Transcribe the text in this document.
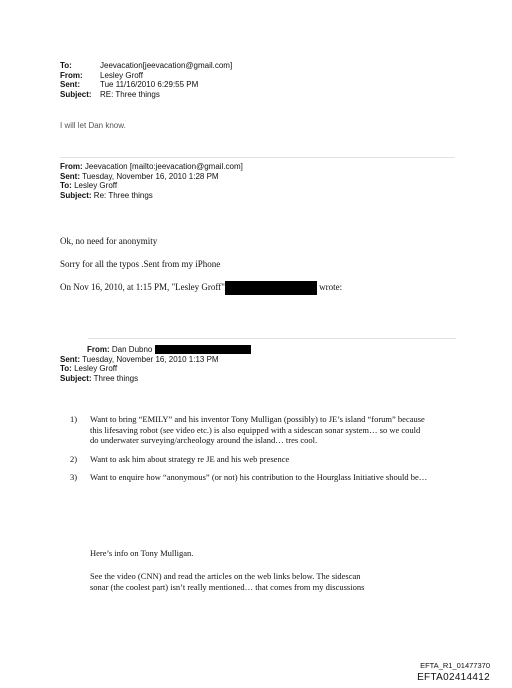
To:	Jeevacation[jeevacation@gmail.com]
From:	Lesley Groff
Sent:	Tue 11/16/2010 6:29:55 PM
Subject:	RE: Three things
I will let Dan know.
From: Jeevacation [mailto:jeevacation@gmail.com]
Sent: Tuesday, November 16, 2010 1:28 PM
To: Lesley Groff
Subject: Re: Three things
Ok, no need for anonymity
Sorry for all the typos .Sent from my iPhone
On Nov 16, 2010, at 1:15 PM, "Lesley Groff"	wrote:
From: Dan Dubno
Sent: Tuesday, November 16, 2010 1:13 PM
To: Lesley Groff
Subject: Three things
1)	Want to bring “EMILY” and his inventor Tony Mulligan (possibly) to JE’s island “forum” because this lifesaving robot (see video etc.) is also equipped with a sidescan sonar system… so we could do underwater surveying/archeology around the island… tres cool.
2)	Want to ask him about strategy re JE and his web presence
3)	Want to enquire how “anonymous” (or not) his contribution to the Hourglass Initiative should be…
Here’s info on Tony Mulligan.
See the video (CNN) and read the articles on the web links below. The sidescan
sonar (the coolest part) isn’t really mentioned… that comes from my discussions
EFTA_R1_01477370
EFTA02414412
